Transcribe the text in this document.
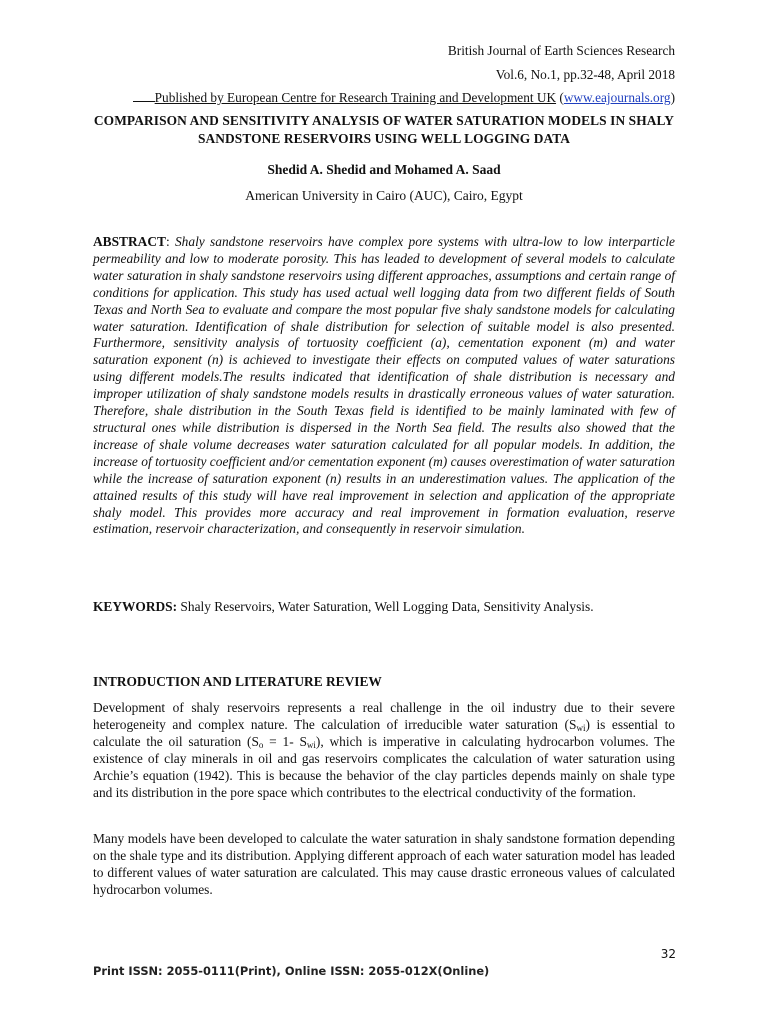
British Journal of Earth Sciences Research
Vol.6, No.1, pp.32-48, April 2018
Published by European Centre for Research Training and Development UK (www.eajournals.org)
COMPARISON AND SENSITIVITY ANALYSIS OF WATER SATURATION MODELS IN SHALY SANDSTONE RESERVOIRS USING WELL LOGGING DATA
Shedid A. Shedid and Mohamed A. Saad
American University in Cairo (AUC), Cairo, Egypt
ABSTRACT: Shaly sandstone reservoirs have complex pore systems with ultra-low to low interparticle permeability and low to moderate porosity. This has leaded to development of several models to calculate water saturation in shaly sandstone reservoirs using different approaches, assumptions and certain range of conditions for application. This study has used actual well logging data from two different fields of South Texas and North Sea to evaluate and compare the most popular five shaly sandstone models for calculating water saturation. Identification of shale distribution for selection of suitable model is also presented. Furthermore, sensitivity analysis of tortuosity coefficient (a), cementation exponent (m) and water saturation exponent (n) is achieved to investigate their effects on computed values of water saturations using different models.The results indicated that identification of shale distribution is necessary and improper utilization of shaly sandstone models results in drastically erroneous values of water saturation. Therefore, shale distribution in the South Texas field is identified to be mainly laminated with few of structural ones while distribution is dispersed in the North Sea field. The results also showed that the increase of shale volume decreases water saturation calculated for all popular models. In addition, the increase of tortuosity coefficient and/or cementation exponent (m) causes overestimation of water saturation while the increase of saturation exponent (n) results in an underestimation values. The application of the attained results of this study will have real improvement in selection and application of the appropriate shaly model. This provides more accuracy and real improvement in formation evaluation, reserve estimation, reservoir characterization, and consequently in reservoir simulation.
KEYWORDS: Shaly Reservoirs, Water Saturation, Well Logging Data, Sensitivity Analysis.
INTRODUCTION AND LITERATURE REVIEW
Development of shaly reservoirs represents a real challenge in the oil industry due to their severe heterogeneity and complex nature. The calculation of irreducible water saturation $(S_{wi})$ is essential to calculate the oil saturation ($S_o = 1-$ $S_{wi}$), which is imperative in calculating hydrocarbon volumes. The existence of clay minerals in oil and gas reservoirs complicates the calculation of water saturation using Archie’s equation (1942). This is because the behavior of the clay particles depends mainly on shale type and its distribution in the pore space which contributes to the electrical conductivity of the formation.
Many models have been developed to calculate the water saturation in shaly sandstone formation depending on the shale type and its distribution. Applying different approach of each water saturation model has leaded to different values of water saturation are calculated. This may cause drastic erroneous values of calculated hydrocarbon volumes.
32
Print ISSN: 2055-0111(Print), Online ISSN: 2055-012X(Online)
